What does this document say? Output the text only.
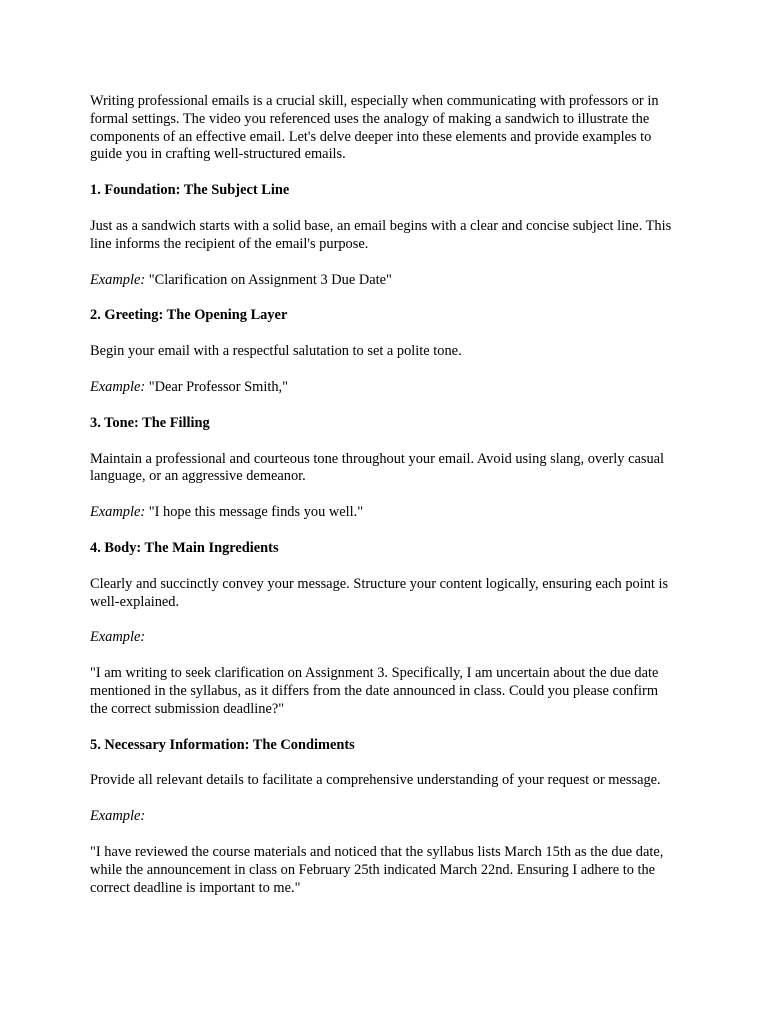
Writing professional emails is a crucial skill, especially when communicating with professors or in formal settings. The video you referenced uses the analogy of making a sandwich to illustrate the components of an effective email. Let's delve deeper into these elements and provide examples to guide you in crafting well-structured emails.

1. Foundation: The Subject Line

Just as a sandwich starts with a solid base, an email begins with a clear and concise subject line. This line informs the recipient of the email's purpose.

Example: "Clarification on Assignment 3 Due Date"

2. Greeting: The Opening Layer

Begin your email with a respectful salutation to set a polite tone.

Example: "Dear Professor Smith,"

3. Tone: The Filling

Maintain a professional and courteous tone throughout your email. Avoid using slang, overly casual language, or an aggressive demeanor.

Example: "I hope this message finds you well."

4. Body: The Main Ingredients

Clearly and succinctly convey your message. Structure your content logically, ensuring each point is well-explained.

Example:

"I am writing to seek clarification on Assignment 3. Specifically, I am uncertain about the due date mentioned in the syllabus, as it differs from the date announced in class. Could you please confirm the correct submission deadline?"

5. Necessary Information: The Condiments

Provide all relevant details to facilitate a comprehensive understanding of your request or message.

Example:

"I have reviewed the course materials and noticed that the syllabus lists March 15th as the due date, while the announcement in class on February 25th indicated March 22nd. Ensuring I adhere to the correct deadline is important to me."
